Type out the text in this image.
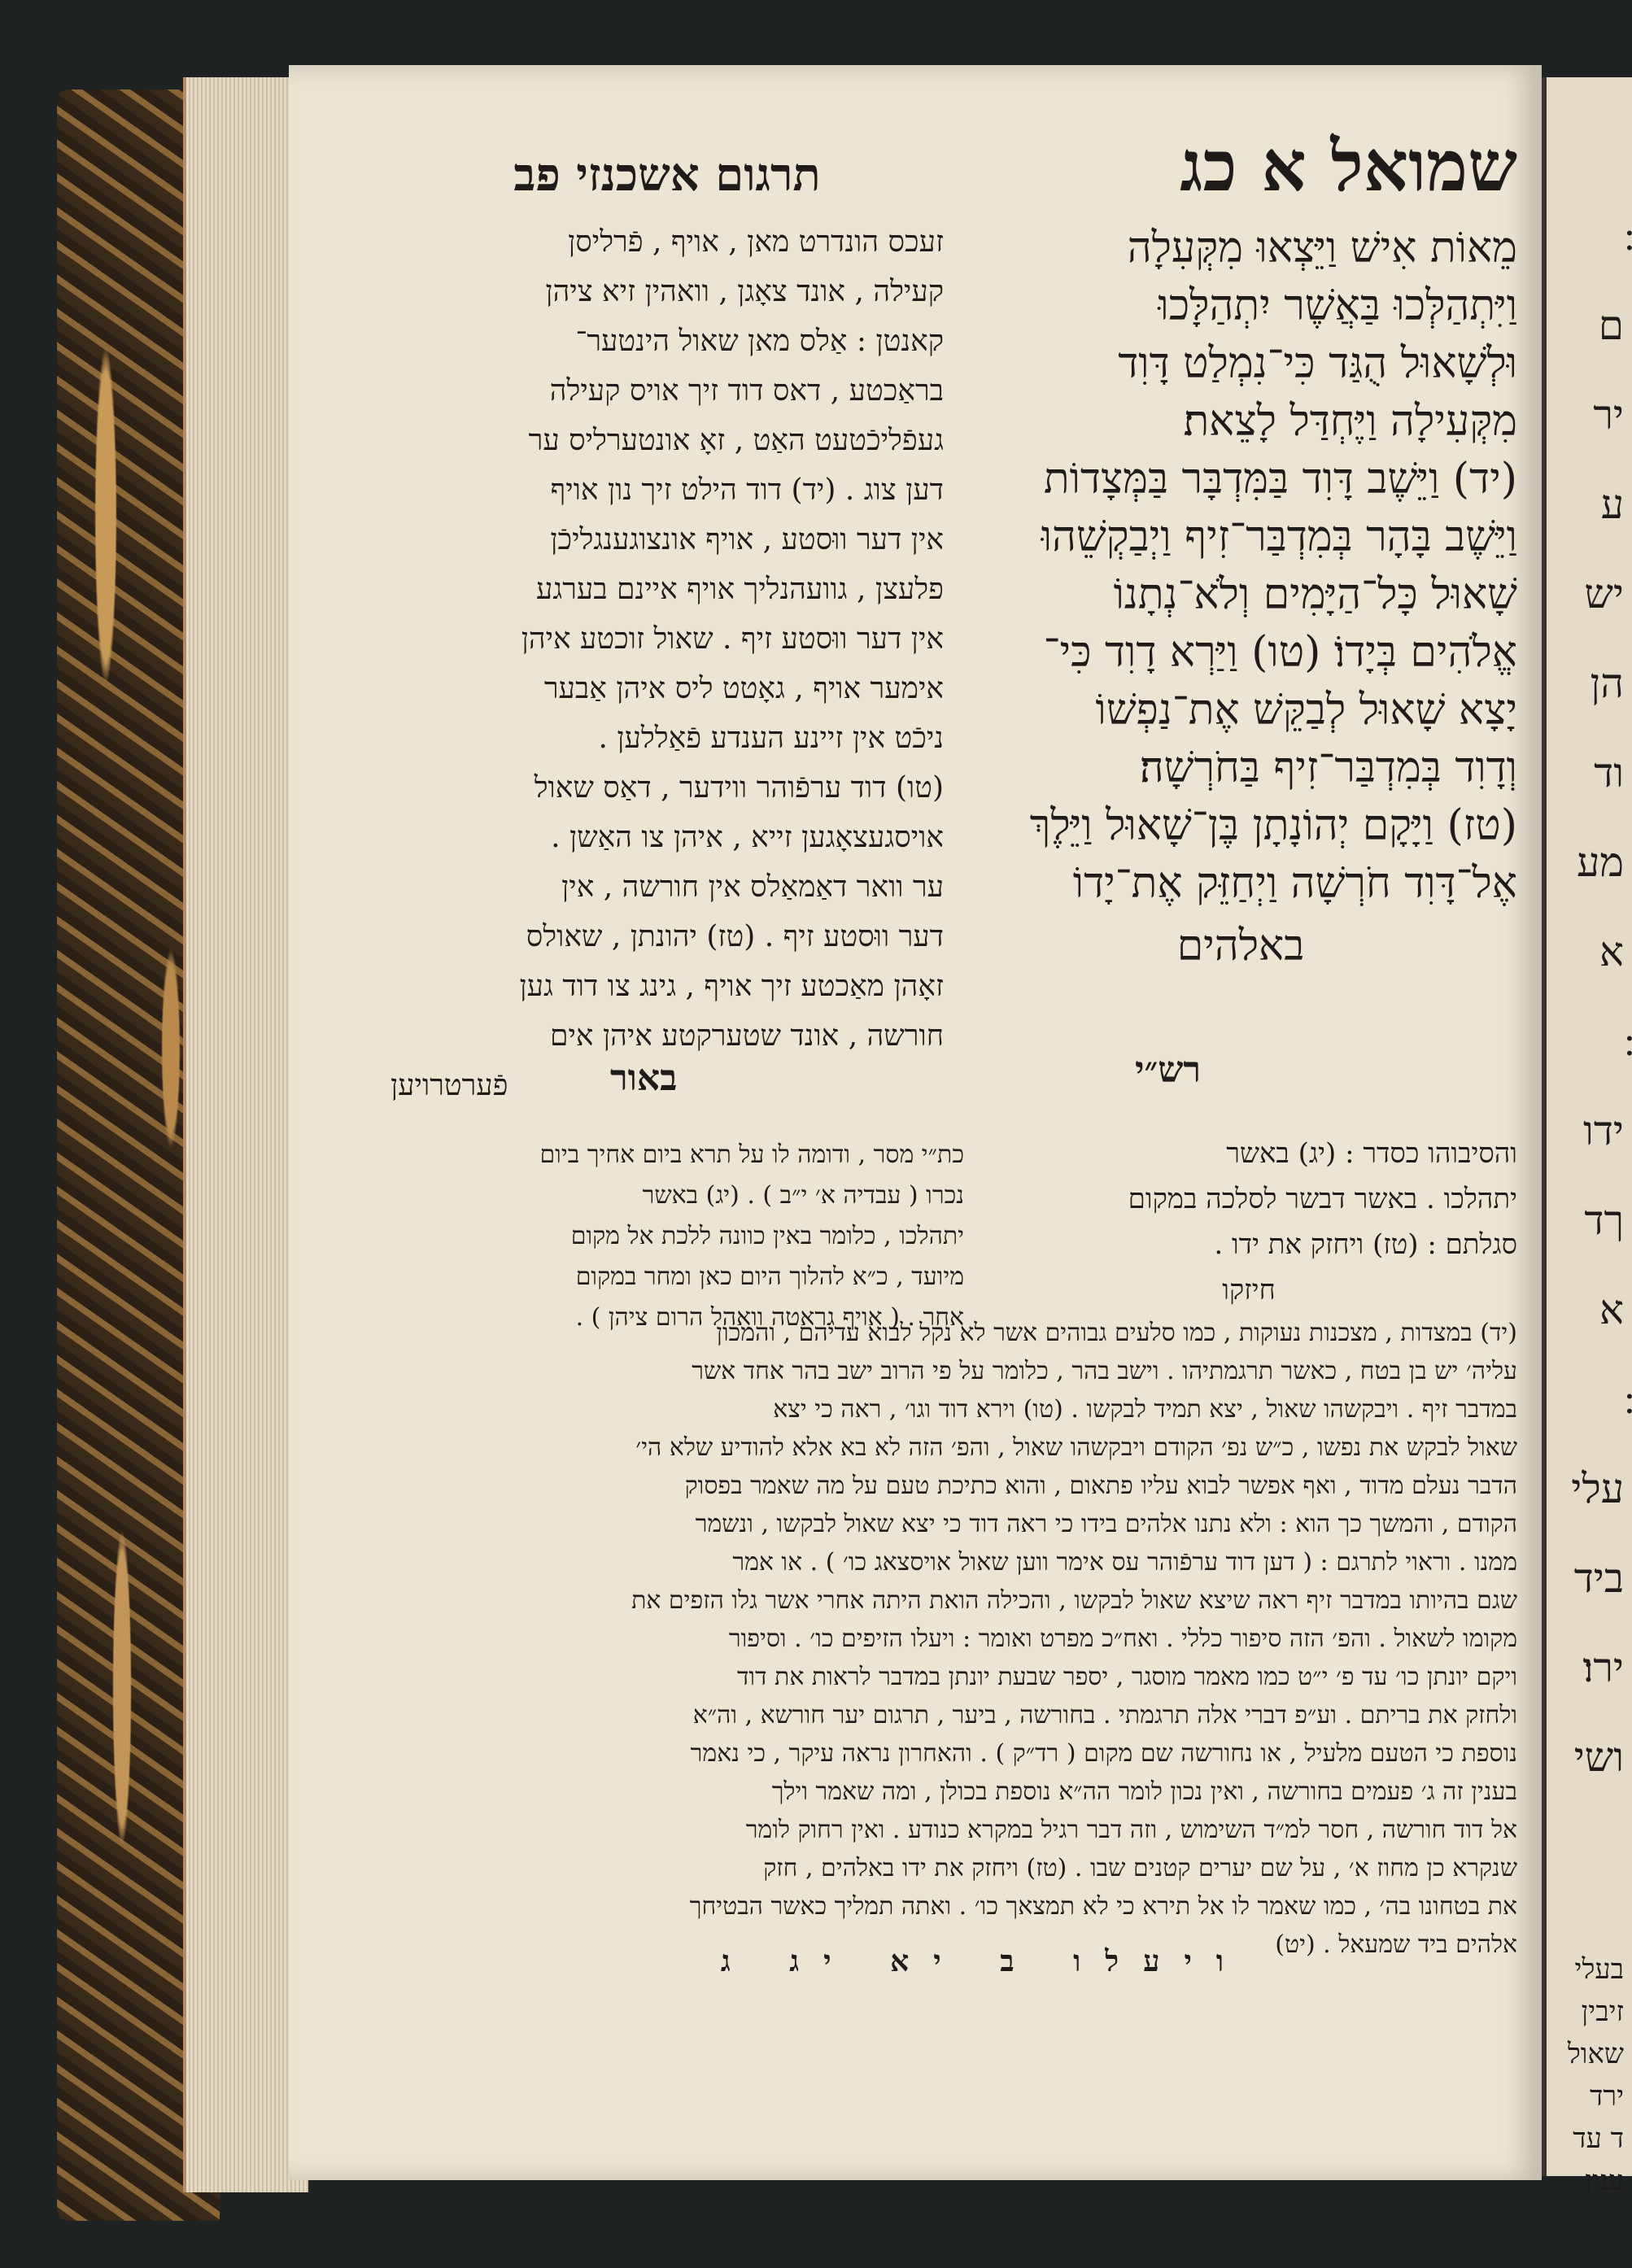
ם
יר
ע
יש
הן
וד
מע
א
ידו
ךד
א
עלי
ביד
ירו׃
ושי
בעלי
זיבין
שאול
ירד
ד עד
ענין
שמואל א כג
מֵאוֹת אִישׁ וַיֵּצְאוּ מִקְּעִלָה
וַיִּתְהַלְּכוּ בַּאֲשֶׁר יִתְהַלָּכוּ
וּלְשָׁאוּל הֻגַּד כִּי־נִמְלַט דָּוִד
מִקְּעִילָה וַיֶּחְדַּל לָצֵאת׃
(יד) וַיֵּשֶׁב דָּוִד בַּמִּדְבָּר בַּמְּצָדוֹת
וַיֵּשֶׁב בָּהָר בְּמִדְבַּר־זִיף וַיְבַקְשֵׁהוּ
שָׁאוּל כָּל־הַיָּמִים וְלֹא־נְתָנוֹ
אֱלֹהִים בְּיָדוֹ׃ (טו) וַיַּרְא דָוִד כִּי־
יָצָא שָׁאוּל לְבַקֵּשׁ אֶת־נַפְשׁוֹ
וְדָוִד בְּמִדְבַּר־זִיף בַּחֹרְשָׁה׃
(טז) וַיָּקָם יְהוֹנָתָן בֶּן־שָׁאוּל וַיֵּלֶךְ
אֶל־דָּוִד חֹרְשָׁה וַיְחַזֵּק אֶת־יָדוֹ
באלהים
תרגום אשכנזי פב
זעכס הונדרט מאן , אויף , פֿרליסן
קעילה , אונד צאָגן , וואהין זיא ציהן
קאנטן : אַלס מאן שאול הינטער־
בראַכטע , דאס דוד זיך אויס קעילה
געפֿליכֿטעט האַט , זאָ אונטערליס ער
דען צוג . (יד) דוד הילט זיך נון אויף
אין דער ווּסטע , אויף אונצוגענגליכֿן
פלעצן , גוועהנליך אויף איינם בערגע
אין דער ווּסטע זיף . שאול זוכטע איהן
אימער אויף , גאָטט ליס איהן אַבער
ניכֿט אין זיינע הענדע פֿאַללען .
(טו) דוד ערפֿוהר ווידער , דאַס שאול
אויסגעצאָגען זייא , איהן צו האַשן .
ער וואר דאַמאַלס אין חורשה , אין
דער ווּסטע זיף . (טז) יהונתן , שאולס
זאָהן מאַכטע זיך אויף , גינג צו דוד גען
חורשה , אונד שטערקטע איהן אים
פֿערטרויען	באור	רש״י
והסיבוהו כסדר : (יג) באשר
יתהלכו . באשר דבשר לסלכה במקום
סגלתם : (טז) ויחזק את ידו .
חיזקו
כת״י מסר , ודומה לו על תרא ביום אחיך ביום
נכרו ( עבדיה א׳ י״ב ) . (יג) באשר
יתהלכו , כלומר באין כוונה ללכת אל מקום
מיועד , כ״א להלוך היום כאן ומחר במקום
אחר . ( אויף גראטה וואהל הרום ציהן ) .
(יד) במצדות , מצכנות נעוקות , כמו סלעים גבוהים אשר לא נקל לבוא עדיהם , והמכון
עליה׳ יש בן בטח , כאשר תרגמתיהו . וישב בהר , כלומר על פי הרוב ישב בהר אחד אשר
במדבר זיף . ויבקשהו שאול , יצא תמיד לבקשו . (טו) וירא דוד וגו׳ , ראה כי יצא
שאול לבקש את נפשו , כ״ש נפ׳ הקודם ויבקשהו שאול , והפ׳ הזה לא בא אלא להודיע שלא הי׳
הדבר נעלם מדוד , ואף אפשר לבוא עליו פתאום , והוא כתיכת טעם על מה שאמר בפסוק
הקודם , והמשך כך הוא : ולא נתנו אלהים בידו כי ראה דוד כי יצא שאול לבקשו , ונשמר
ממנו . וראוי לתרגם : ( דען דוד ערפֿוהר עס אימר ווען שאול אויסצאג כו׳ ) . או אמר
שגם בהיותו במדבר זיף ראה שיצא שאול לבקשו , והכילה הואת היתה אחרי אשר גלו הזפים את
מקומו לשאול . והפ׳ הזה סיפור כללי . ואח״כ מפרט ואומר : ויעלו הזיפים כו׳ . וסיפור
ויקם יונתן כו׳ עד פ׳ י״ט כמו מאמר מוסגר , יספר שבעת יונתן במדבר לראות את דוד
ולחזק את בריתם . וע״פ דברי אלה תרגמתי . בחורשה , ביער , תרגום יער חורשא , וה״א
נוספת כי הטעם מלעיל , או נחורשה שם מקום ( רד״ק ) . והאחרון נראה עיקר , כי נאמר
בענין זה ג׳ פעמים בחורשה , ואין נכון לומר הה״א נוספת בכולן , ומה שאמר וילך
אל דוד חורשה , חסר למ״ד השימוש , וזה דבר רגיל במקרא כנודע . ואין רחוק לומר
שנקרא כן מחוז א׳ , על שם יערים קטנים שבו . (טז) ויחזק את ידו באלהים , חזק
את בטחונו בה׳ , כמו שאמר לו אל תירא כי לא תמצאך כו׳ . ואתה תמליך כאשר הבטיחך
אלהים ביד שמעאל . (יט)
ויעלו ב יא יג ג
